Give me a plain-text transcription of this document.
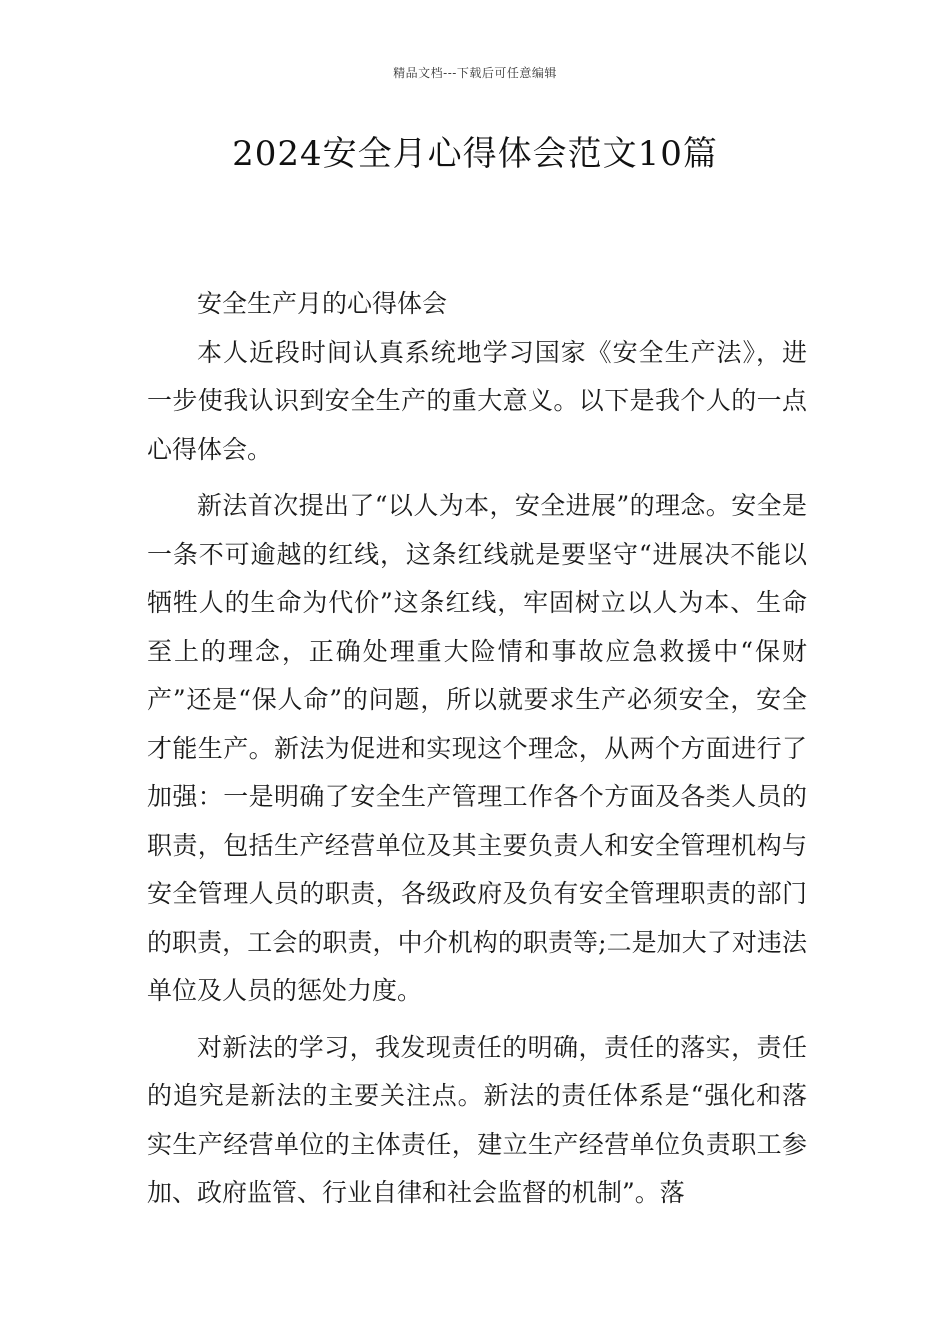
精品文档---下载后可任意编辑
2024安全月心得体会范文10篇

安全生产月的心得体会

本人近段时间认真系统地学习国家《安全生产法》，进一步使我认识到安全生产的重大意义。以下是我个人的一点心得体会。

新法首次提出了“以人为本，安全进展”的理念。安全是一条不可逾越的红线，这条红线就是要坚守“进展决不能以牺牲人的生命为代价”这条红线，牢固树立以人为本、生命至上的理念，正确处理重大险情和事故应急救援中“保财产”还是“保人命”的问题，所以就要求生产必须安全，安全才能生产。新法为促进和实现这个理念，从两个方面进行了加强：一是明确了安全生产管理工作各个方面及各类人员的职责，包括生产经营单位及其主要负责人和安全管理机构与安全管理人员的职责，各级政府及负有安全管理职责的部门的职责，工会的职责，中介机构的职责等;二是加大了对违法单位及人员的惩处力度。

对新法的学习，我发现责任的明确，责任的落实，责任的追究是新法的主要关注点。新法的责任体系是“强化和落实生产经营单位的主体责任，建立生产经营单位负责职工参加、政府监管、行业自律和社会监督的机制”。落
